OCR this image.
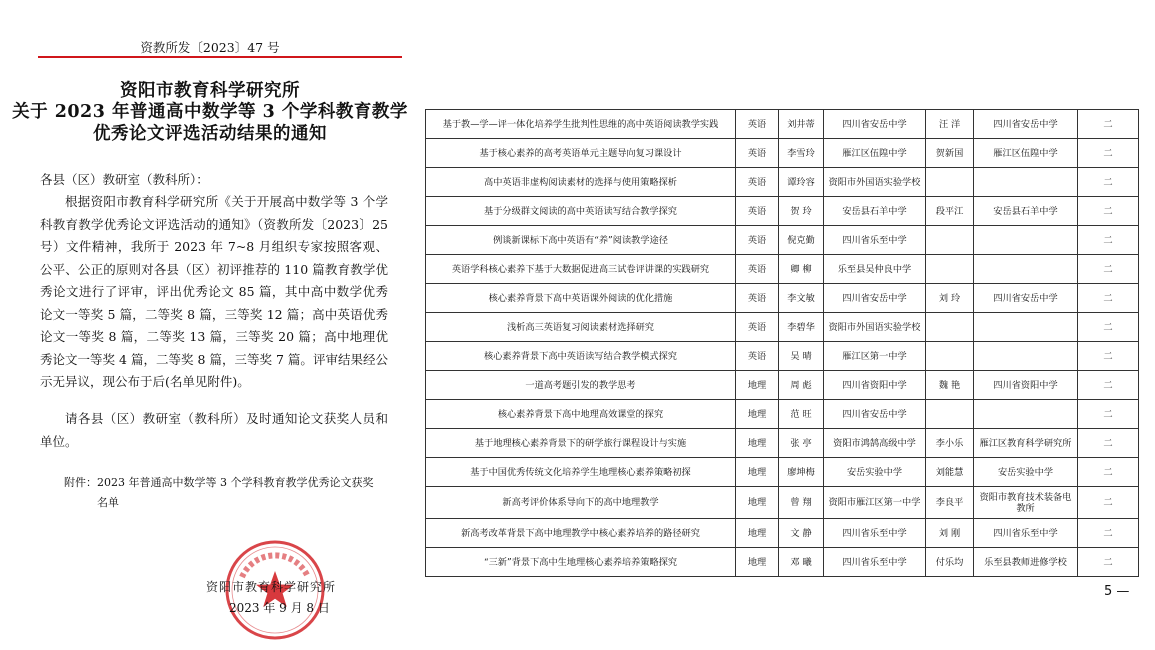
资教所发〔2023〕47 号
资阳市教育科学研究所
关于 2023 年普通高中数学等 3 个学科教育教学
优秀论文评选活动结果的通知
各县（区）教研室（教科所）：
根据资阳市教育科学研究所《关于开展高中数学等 3 个学科教育教学优秀论文评选活动的通知》（资教所发〔2023〕25 号）文件精神，我所于 2023 年 7~8 月组织专家按照客观、公平、公正的原则对各县（区）初评推荐的 110 篇教育教学优秀论文进行了评审，评出优秀论文 85 篇，其中高中数学优秀论文一等奖 5 篇，二等奖 8 篇，三等奖 12 篇；高中英语优秀论文一等奖 8 篇，二等奖 13 篇，三等奖 20 篇；高中地理优秀论文一等奖 4 篇，二等奖 8 篇，三等奖 7 篇。评审结果经公示无异议，现公布于后(名单见附件)。
请各县（区）教研室（教科所）及时通知论文获奖人员和单位。
附件：2023 年普通高中数学等 3 个学科教育教学优秀论文获奖
名单
资阳市教育科学研究所
2023 年 9 月 8 日
基于教—学—评一体化培养学生批判性思维的高中英语阅读教学实践	英语	刘井蒂	四川省安岳中学	汪 洋	四川省安岳中学	二
基于核心素养的高考英语单元主题导向复习课设计	英语	李雪玲	雁江区伍隍中学	贺新国	雁江区伍隍中学	二
高中英语非虚构阅读素材的选择与使用策略探析	英语	谭玲容	资阳市外国语实验学校			二
基于分级群文阅读的高中英语读写结合教学探究	英语	贺 玲	安岳县石羊中学	段平江	安岳县石羊中学	二
例谈新课标下高中英语有“养”阅读教学途径	英语	倪克勤	四川省乐至中学			二
英语学科核心素养下基于大数据促进高三试卷评讲课的实践研究	英语	卿 柳	乐至县吴仲良中学			二
核心素养背景下高中英语课外阅读的优化措施	英语	李文敏	四川省安岳中学	刘 玲	四川省安岳中学	二
浅析高三英语复习阅读素材选择研究	英语	李碧华	资阳市外国语实验学校			二
核心素养背景下高中英语读写结合教学模式探究	英语	吴 晴	雁江区第一中学			二
一道高考题引发的教学思考	地理	周 彪	四川省资阳中学	魏 艳	四川省资阳中学	二
核心素养背景下高中地理高效课堂的探究	地理	范 旺	四川省安岳中学			二
基于地理核心素养背景下的研学旅行课程设计与实施	地理	张 亭	资阳市鸿鹄高级中学	李小乐	雁江区教育科学研究所	二
基于中国优秀传统文化培养学生地理核心素养策略初探	地理	廖坤梅	安岳实验中学	刘能慧	安岳实验中学	二
新高考评价体系导向下的高中地理教学	地理	曾 翔	资阳市雁江区第一中学	李良平	资阳市教育技术装备电教所	二
新高考改革背景下高中地理教学中核心素养培养的路径研究	地理	文 静	四川省乐至中学	刘 刚	四川省乐至中学	二
“三新”背景下高中生地理核心素养培养策略探究	地理	邓 曦	四川省乐至中学	付乐均	乐至县教师进修学校	二
5 —
